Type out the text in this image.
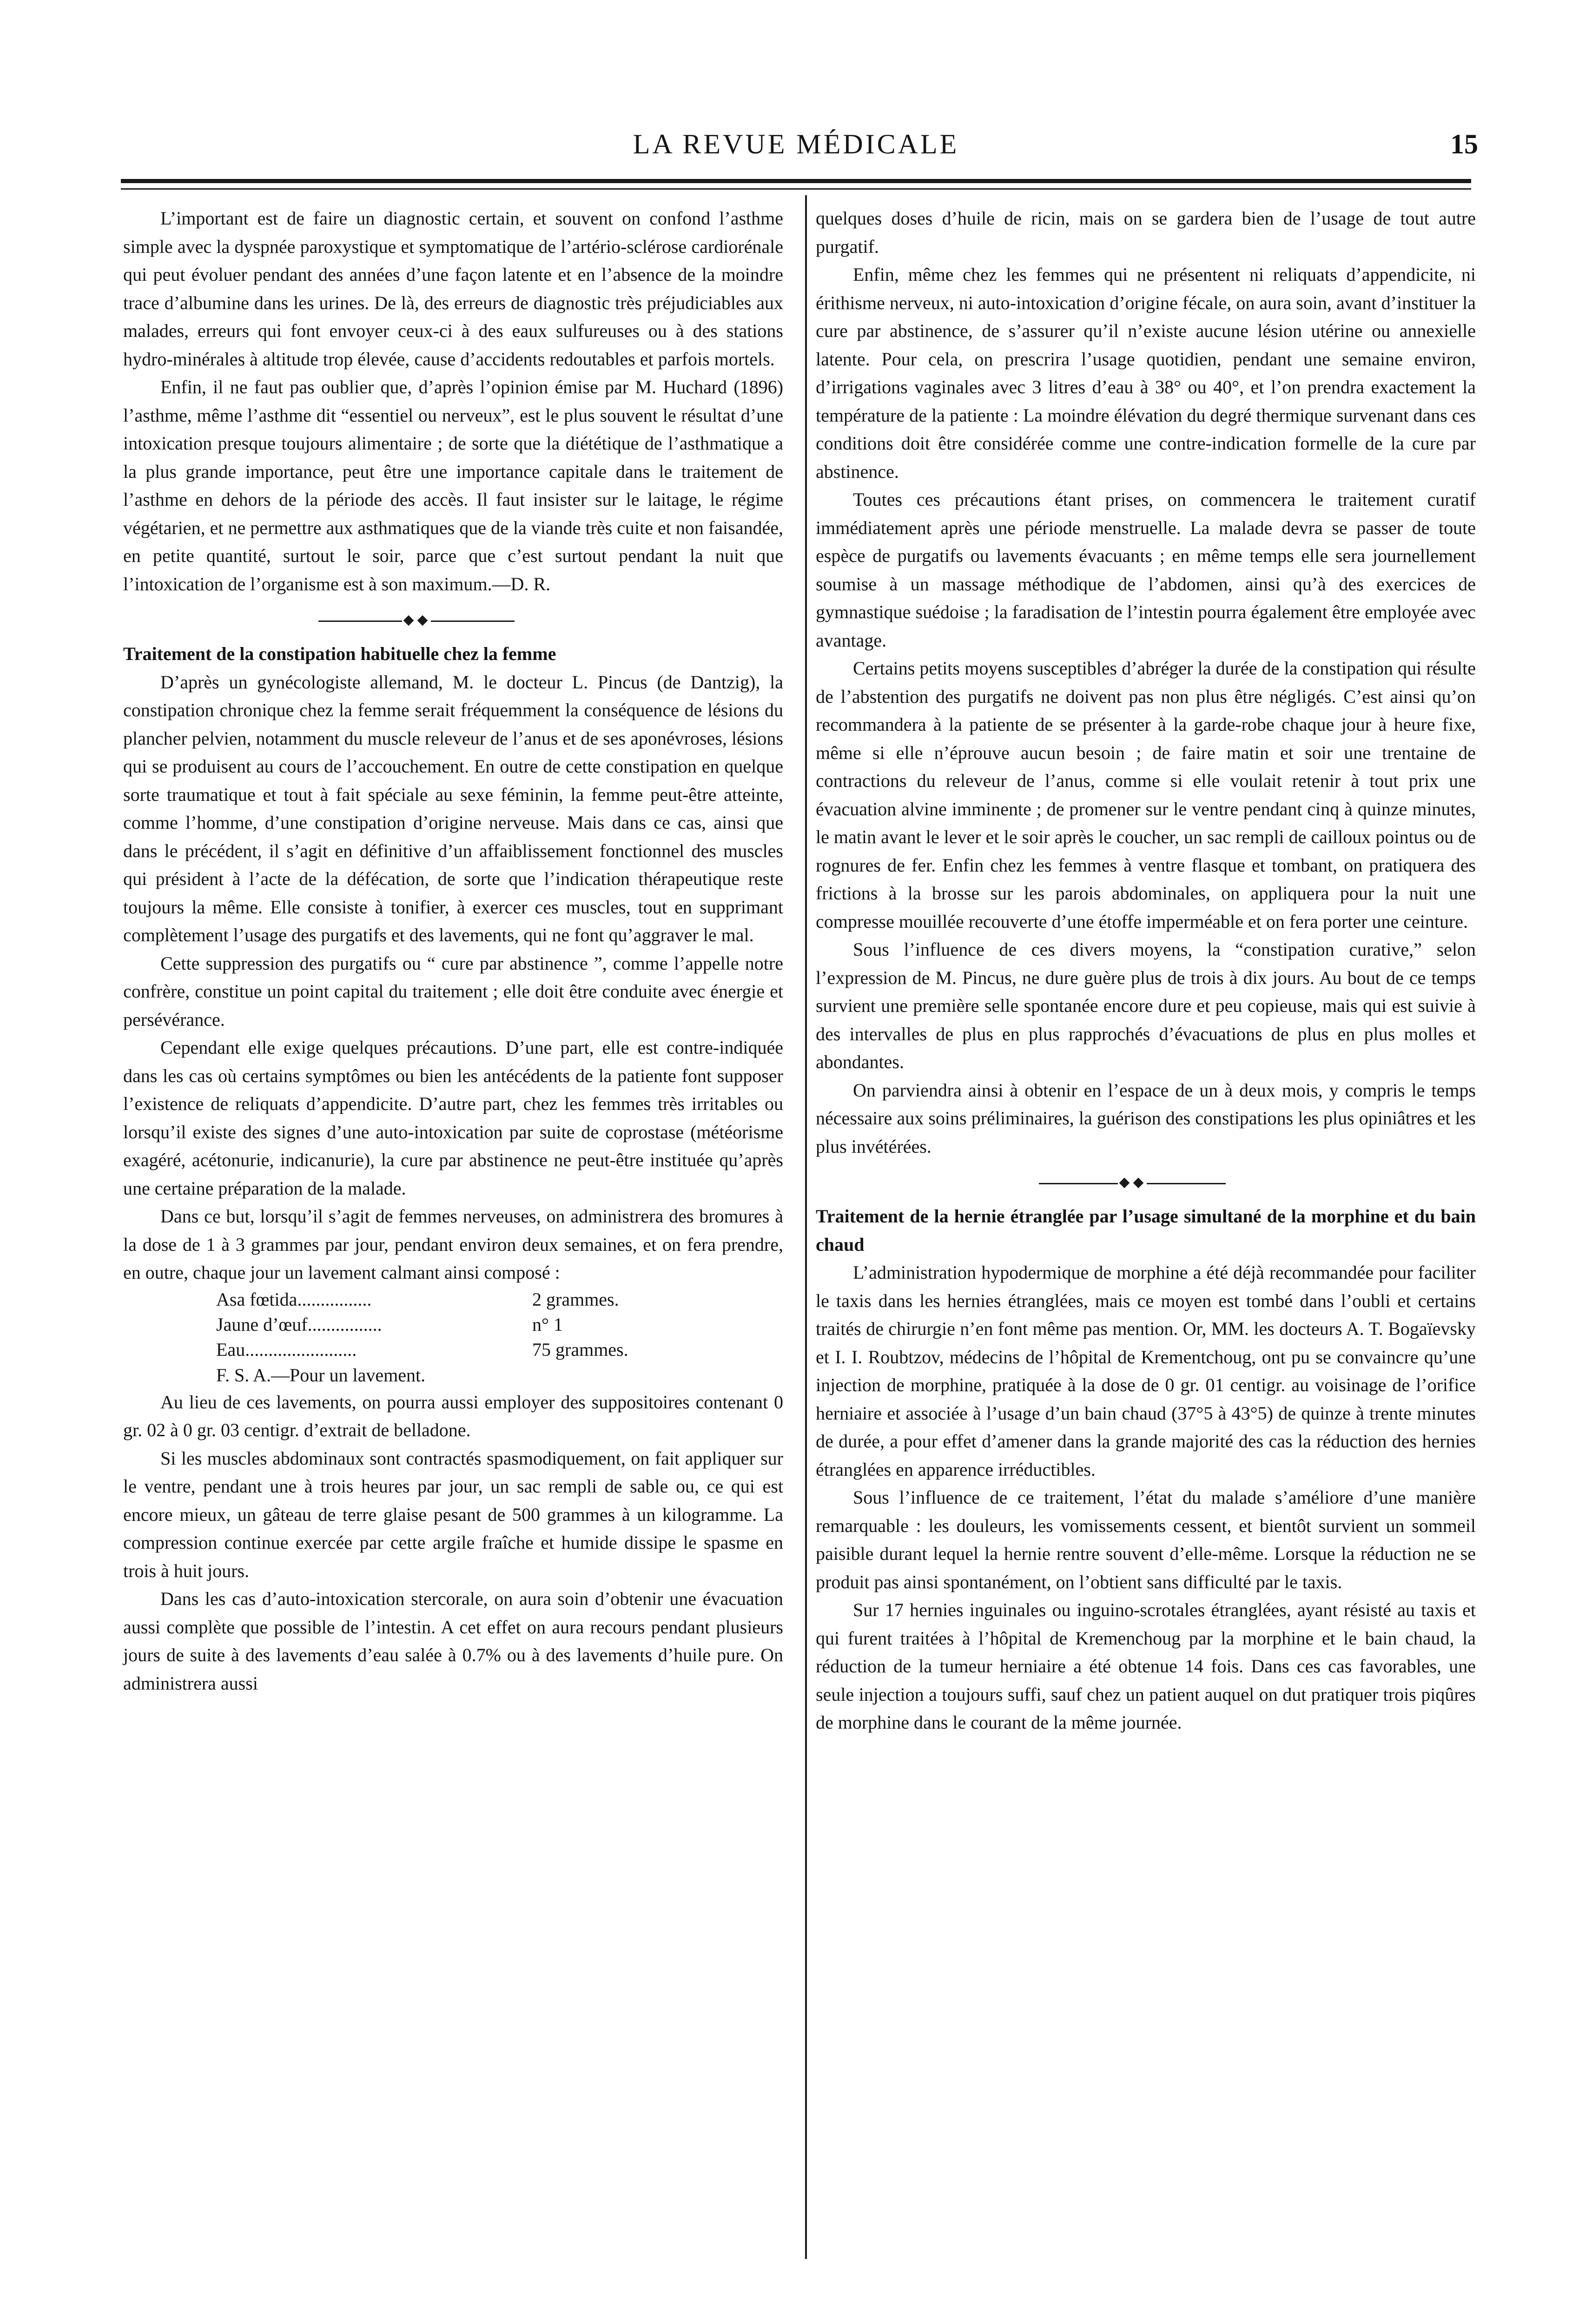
LA REVUE MÉDICALE	15

L’important est de faire un diagnostic certain, et souvent on confond l’asthme simple avec la dyspnée paroxystique et symptomatique de l’artério-sclérose cardiorénale qui peut évoluer pendant des années d’une façon latente et en l’absence de la moindre trace d’albumine dans les urines. De là, des erreurs de diagnostic très préjudiciables aux malades, erreurs qui font envoyer ceux-ci à des eaux sulfureuses ou à des stations hydro-minérales à altitude trop élevée, cause d’accidents redoutables et parfois mortels.

Enfin, il ne faut pas oublier que, d’après l’opinion émise par M. Huchard (1896) l’asthme, même l’asthme dit “essentiel ou nerveux”, est le plus souvent le résultat d’une intoxication presque toujours alimentaire ; de sorte que la diététique de l’asthmatique a la plus grande importance, peut être une importance capitale dans le traitement de l’asthme en dehors de la période des accès. Il faut insister sur le laitage, le régime végétarien, et ne permettre aux asthmatiques que de la viande très cuite et non faisandée, en petite quantité, surtout le soir, parce que c’est surtout pendant la nuit que l’intoxication de l’organisme est à son maximum.—D. R.

Traitement de la constipation habituelle chez la femme

D’après un gynécologiste allemand, M. le docteur L. Pincus (de Dantzig), la constipation chronique chez la femme serait fréquemment la conséquence de lésions du plancher pelvien, notamment du muscle releveur de l’anus et de ses aponévroses, lésions qui se produisent au cours de l’accouchement. En outre de cette constipation en quelque sorte traumatique et tout à fait spéciale au sexe féminin, la femme peut-être atteinte, comme l’homme, d’une constipation d’origine nerveuse. Mais dans ce cas, ainsi que dans le précédent, il s’agit en définitive d’un affaiblissement fonctionnel des muscles qui président à l’acte de la défécation, de sorte que l’indication thérapeutique reste toujours la même. Elle consiste à tonifier, à exercer ces muscles, tout en supprimant complètement l’usage des purgatifs et des lavements, qui ne font qu’aggraver le mal.

Cette suppression des purgatifs ou “ cure par abstinence ”, comme l’appelle notre confrère, constitue un point capital du traitement ; elle doit être conduite avec énergie et persévérance.

Cependant elle exige quelques précautions. D’une part, elle est contre-indiquée dans les cas où certains symptômes ou bien les antécédents de la patiente font supposer l’existence de reliquats d’appendicite. D’autre part, chez les femmes très irritables ou lorsqu’il existe des signes d’une auto-intoxication par suite de coprostase (météorisme exagéré, acétonurie, indicanurie), la cure par abstinence ne peut-être instituée qu’après une certaine préparation de la malade.

Dans ce but, lorsqu’il s’agit de femmes nerveuses, on administrera des bromures à la dose de 1 à 3 grammes par jour, pendant environ deux semaines, et on fera prendre, en outre, chaque jour un lavement calmant ainsi composé :

Asa fœtida................	2 grammes.
Jaune d’œuf................	n° 1
Eau........................	75 grammes.
F. S. A.—Pour un lavement.

Au lieu de ces lavements, on pourra aussi employer des suppositoires contenant 0 gr. 02 à 0 gr. 03 centigr. d’extrait de belladone.

Si les muscles abdominaux sont contractés spasmodiquement, on fait appliquer sur le ventre, pendant une à trois heures par jour, un sac rempli de sable ou, ce qui est encore mieux, un gâteau de terre glaise pesant de 500 grammes à un kilogramme. La compression continue exercée par cette argile fraîche et humide dissipe le spasme en trois à huit jours.

Dans les cas d’auto-intoxication stercorale, on aura soin d’obtenir une évacuation aussi complète que possible de l’intestin. A cet effet on aura recours pendant plusieurs jours de suite à des lavements d’eau salée à 0.7% ou à des lavements d’huile pure. On administrera aussi

quelques doses d’huile de ricin, mais on se gardera bien de l’usage de tout autre purgatif.

Enfin, même chez les femmes qui ne présentent ni reliquats d’appendicite, ni érithisme nerveux, ni auto-intoxication d’origine fécale, on aura soin, avant d’instituer la cure par abstinence, de s’assurer qu’il n’existe aucune lésion utérine ou annexielle latente. Pour cela, on prescrira l’usage quotidien, pendant une semaine environ, d’irrigations vaginales avec 3 litres d’eau à 38° ou 40°, et l’on prendra exactement la température de la patiente : La moindre élévation du degré thermique survenant dans ces conditions doit être considérée comme une contre-indication formelle de la cure par abstinence.

Toutes ces précautions étant prises, on commencera le traitement curatif immédiatement après une période menstruelle. La malade devra se passer de toute espèce de purgatifs ou lavements évacuants ; en même temps elle sera journellement soumise à un massage méthodique de l’abdomen, ainsi qu’à des exercices de gymnastique suédoise ; la faradisation de l’intestin pourra également être employée avec avantage.

Certains petits moyens susceptibles d’abréger la durée de la constipation qui résulte de l’abstention des purgatifs ne doivent pas non plus être négligés. C’est ainsi qu’on recommandera à la patiente de se présenter à la garde-robe chaque jour à heure fixe, même si elle n’éprouve aucun besoin ; de faire matin et soir une trentaine de contractions du releveur de l’anus, comme si elle voulait retenir à tout prix une évacuation alvine imminente ; de promener sur le ventre pendant cinq à quinze minutes, le matin avant le lever et le soir après le coucher, un sac rempli de cailloux pointus ou de rognures de fer. Enfin chez les femmes à ventre flasque et tombant, on pratiquera des frictions à la brosse sur les parois abdominales, on appliquera pour la nuit une compresse mouillée recouverte d’une étoffe imperméable et on fera porter une ceinture.

Sous l’influence de ces divers moyens, la “constipation curative,” selon l’expression de M. Pincus, ne dure guère plus de trois à dix jours. Au bout de ce temps survient une première selle spontanée encore dure et peu copieuse, mais qui est suivie à des intervalles de plus en plus rapprochés d’évacuations de plus en plus molles et abondantes.

On parviendra ainsi à obtenir en l’espace de un à deux mois, y compris le temps nécessaire aux soins préliminaires, la guérison des constipations les plus opiniâtres et les plus invétérées.

Traitement de la hernie étranglée par l’usage simultané de la morphine et du bain chaud

L’administration hypodermique de morphine a été déjà recommandée pour faciliter le taxis dans les hernies étranglées, mais ce moyen est tombé dans l’oubli et certains traités de chirurgie n’en font même pas mention. Or, MM. les docteurs A. T. Bogaïevsky et I. I. Roubtzov, médecins de l’hôpital de Krementchoug, ont pu se convaincre qu’une injection de morphine, pratiquée à la dose de 0 gr. 01 centigr. au voisinage de l’orifice herniaire et associée à l’usage d’un bain chaud (37°5 à 43°5) de quinze à trente minutes de durée, a pour effet d’amener dans la grande majorité des cas la réduction des hernies étranglées en apparence irréductibles.

Sous l’influence de ce traitement, l’état du malade s’améliore d’une manière remarquable : les douleurs, les vomissements cessent, et bientôt survient un sommeil paisible durant lequel la hernie rentre souvent d’elle-même. Lorsque la réduction ne se produit pas ainsi spontanément, on l’obtient sans difficulté par le taxis.

Sur 17 hernies inguinales ou inguino-scrotales étranglées, ayant résisté au taxis et qui furent traitées à l’hôpital de Kremenchoug par la morphine et le bain chaud, la réduction de la tumeur herniaire a été obtenue 14 fois. Dans ces cas favorables, une seule injection a toujours suffi, sauf chez un patient auquel on dut pratiquer trois piqûres de morphine dans le courant de la même journée.
